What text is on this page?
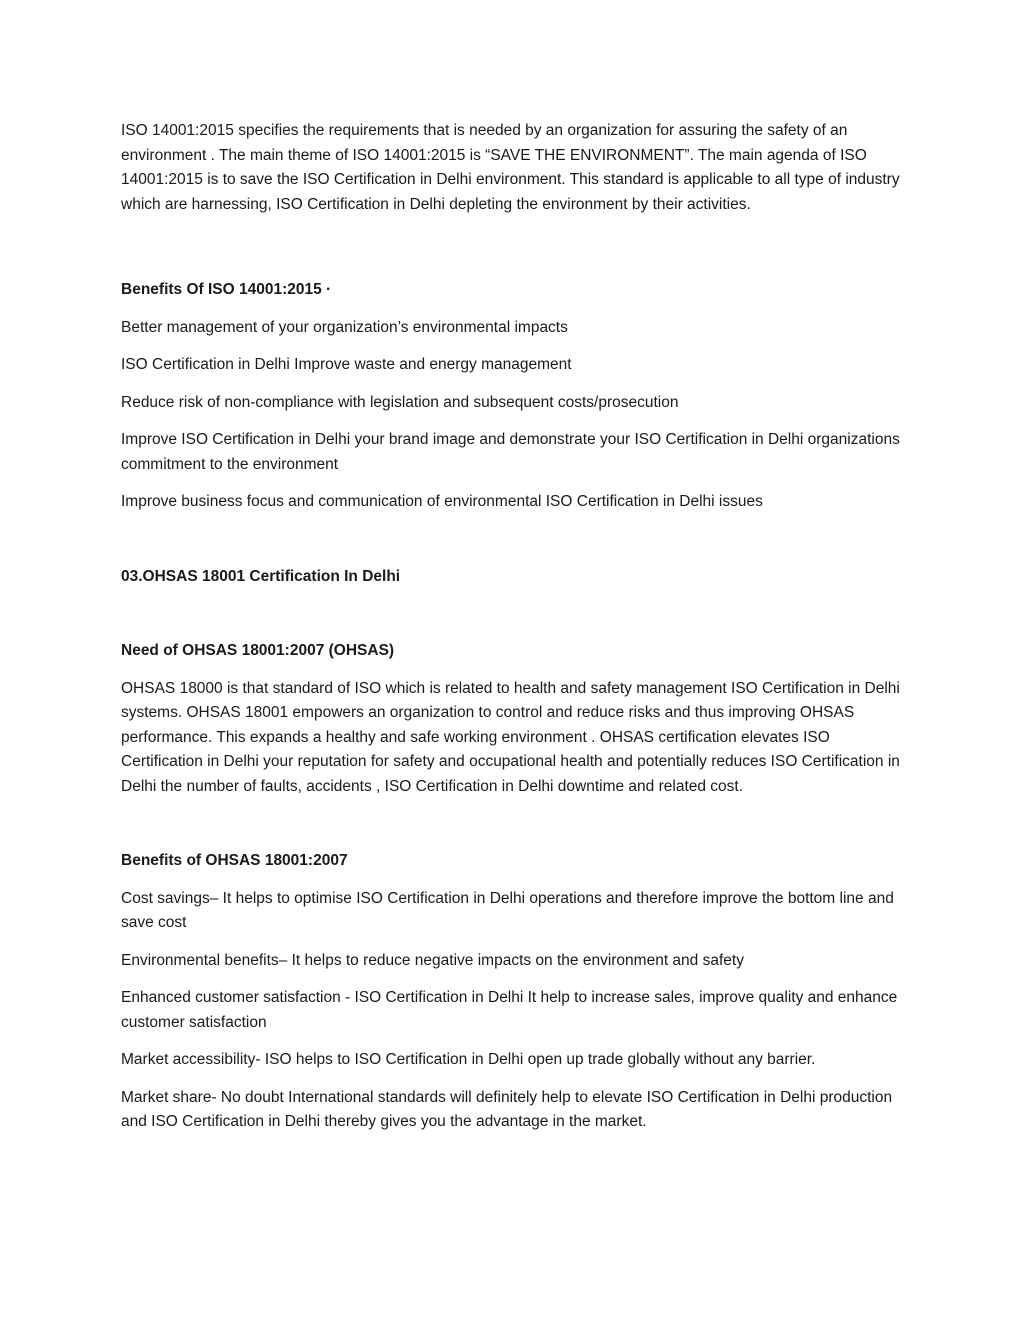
ISO 14001:2015 specifies the requirements that is needed by an organization for assuring the safety of an environment . The main theme of ISO 14001:2015 is “SAVE THE ENVIRONMENT”. The main agenda of ISO 14001:2015 is to save the ISO Certification in Delhi environment. This standard is applicable to all type of industry which are harnessing, ISO Certification in Delhi depleting the environment by their activities.

Benefits Of ISO 14001:2015 ·

Better management of your organization’s environmental impacts

ISO Certification in Delhi Improve waste and energy management

Reduce risk of non-compliance with legislation and subsequent costs/prosecution

Improve ISO Certification in Delhi your brand image and demonstrate your ISO Certification in Delhi organizations commitment to the environment

Improve business focus and communication of environmental ISO Certification in Delhi issues

03.OHSAS 18001 Certification In Delhi

Need of OHSAS 18001:2007 (OHSAS)

OHSAS 18000 is that standard of ISO which is related to health and safety management ISO Certification in Delhi systems. OHSAS 18001 empowers an organization to control and reduce risks and thus improving OHSAS performance. This expands a healthy and safe working environment . OHSAS certification elevates ISO Certification in Delhi your reputation for safety and occupational health and potentially reduces ISO Certification in Delhi the number of faults, accidents , ISO Certification in Delhi downtime and related cost.

Benefits of OHSAS 18001:2007

Cost savings– It helps to optimise ISO Certification in Delhi operations and therefore improve the bottom line and save cost

Environmental benefits– It helps to reduce negative impacts on the environment and safety

Enhanced customer satisfaction - ISO Certification in Delhi It help to increase sales, improve quality and enhance customer satisfaction

Market accessibility- ISO helps to ISO Certification in Delhi open up trade globally without any barrier.

Market share- No doubt International standards will definitely help to elevate ISO Certification in Delhi production and ISO Certification in Delhi thereby gives you the advantage in the market.
